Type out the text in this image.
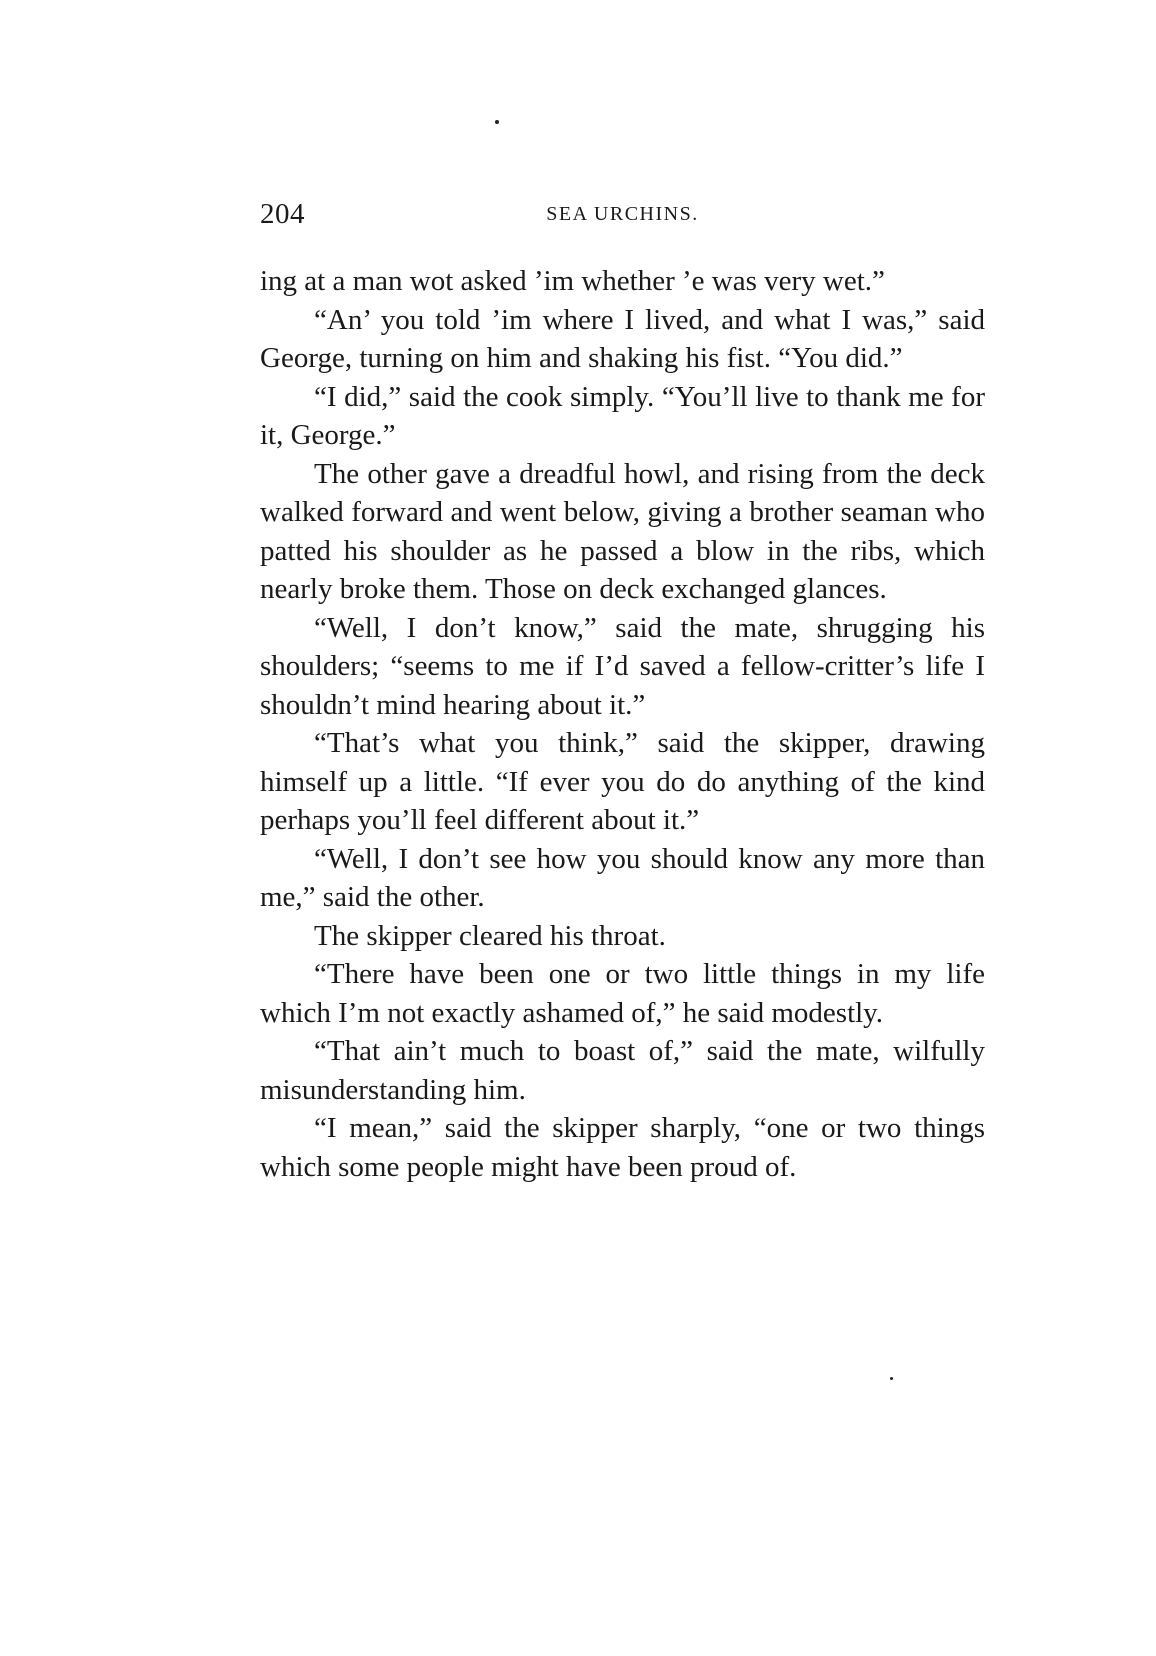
204	SEA URCHINS.

ing at a man wot asked ’im whether ’e was very wet.”

“An’ you told ’im where I lived, and what I was,” said George, turning on him and shaking his fist. “You did.”

“I did,” said the cook simply. “You’ll live to thank me for it, George.”

The other gave a dreadful howl, and rising from the deck walked forward and went below, giving a brother seaman who patted his shoulder as he passed a blow in the ribs, which nearly broke them. Those on deck exchanged glances.

“Well, I don’t know,” said the mate, shrugging his shoulders; “seems to me if I’d saved a fellow-critter’s life I shouldn’t mind hearing about it.”

“That’s what you think,” said the skipper, drawing himself up a little. “If ever you do do anything of the kind perhaps you’ll feel different about it.”

“Well, I don’t see how you should know any more than me,” said the other.

The skipper cleared his throat.

“There have been one or two little things in my life which I’m not exactly ashamed of,” he said modestly.

“That ain’t much to boast of,” said the mate, wilfully misunderstanding him.

“I mean,” said the skipper sharply, “one or two things which some people might have been proud of.
